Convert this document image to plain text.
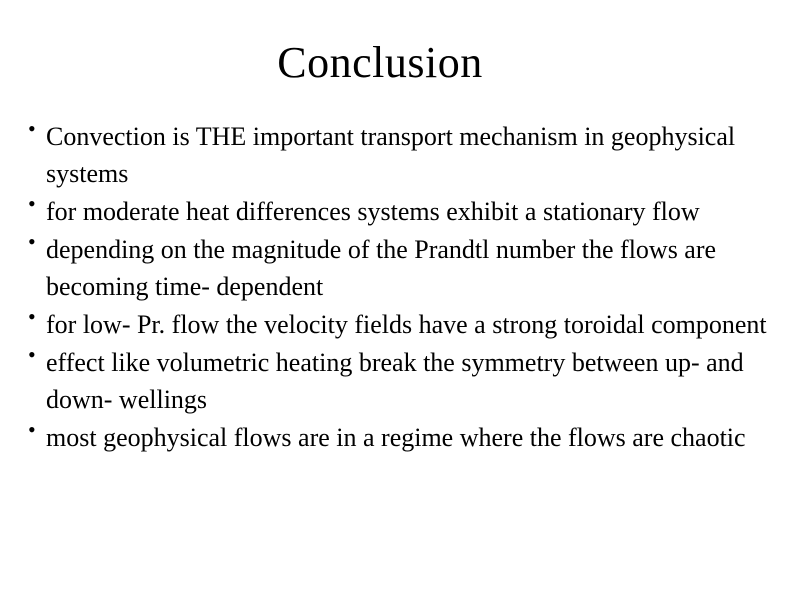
Conclusion
• Convection is THE important transport mechanism in geophysical systems
• for moderate heat differences systems exhibit a stationary flow
• depending on the magnitude of the Prandtl number the flows are becoming time- dependent
• for low- Pr. flow the velocity fields have a strong toroidal component
• effect like volumetric heating break the symmetry between up- and down- wellings
• most geophysical flows are in a regime where the flows are chaotic
